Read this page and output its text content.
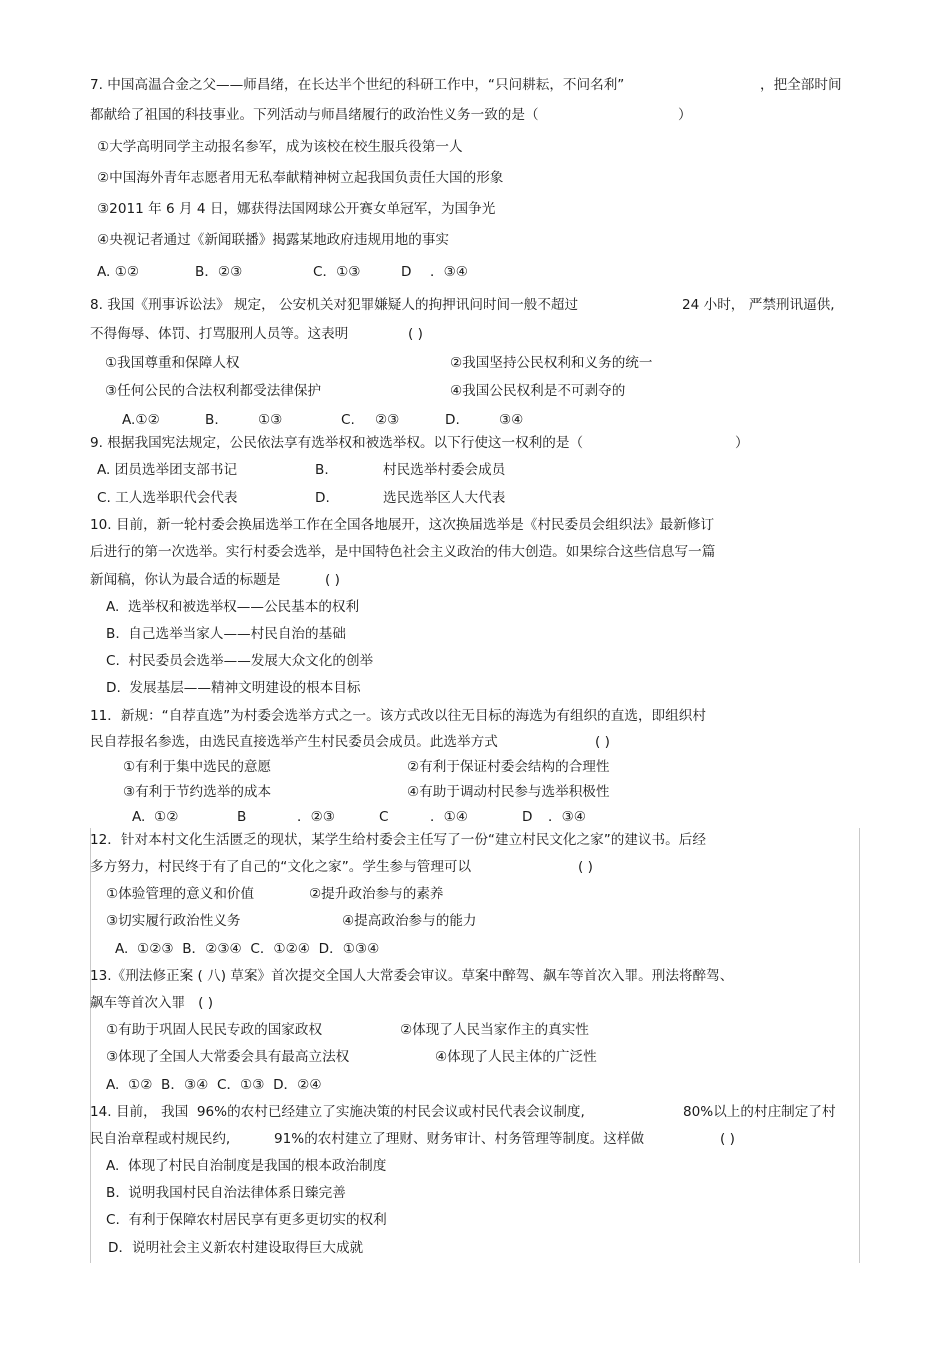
7. 中国高温合金之父——师昌绪，在长达半个世纪的科研工作中，“只问耕耘，不问名利”	，把全部时间
都献给了祖国的科技事业。下列活动与师昌绪履行的政治性义务一致的是（	）
①大学高明同学主动报名参军，成为该校在校生服兵役第一人
②中国海外青年志愿者用无私奉献精神树立起我国负责任大国的形象
③2011 年 6 月 4 日，娜获得法国网球公开赛女单冠军，为国争光
④央视记者通过《新闻联播》揭露某地政府违规用地的事实
A. ①②	B．②③	C．①③	D ．③④
8. 我国《刑事诉讼法》 规定， 公安机关对犯罪嫌疑人的拘押讯问时间一般不超过	24 小时， 严禁刑讯逼供,
不得侮辱、体罚、打骂服刑人员等。这表明	( )
①我国尊重和保障人权	②我国坚持公民权利和义务的统一
③任何公民的合法权利都受法律保护	④我国公民权利是不可剥夺的
A.①②	B.	①③	C. ②③	D.	③④
9. 根据我国宪法规定，公民依法享有选举权和被选举权。以下行使这一权利的是（	）
A. 团员选举团支部书记	B.	村民选举村委会成员
C. 工人选举职代会代表	D.	选民选举区人大代表
10. 目前，新一轮村委会换届选举工作在全国各地展开，这次换届选举是《村民委员会组织法》最新修订
后进行的第一次选举。实行村委会选举，是中国特色社会主义政治的伟大创造。如果综合这些信息写一篇
新闻稿，你认为最合适的标题是	( )
A.  选举权和被选举权——公民基本的权利
B.  自己选举当家人——村民自治的基础
C.  村民委员会选举——发展大众文化的创举
D.  发展基层——精神文明建设的根本目标
11．新规：“自荐直选”为村委会选举方式之一。该方式改以往无目标的海选为有组织的直选，即组织村
民自荐报名参选，由选民直接选举产生村民委员会成员。此选举方式	( )
①有利于集中选民的意愿	②有利于保证村委会结构的合理性
③有利于节约选举的成本	④有助于调动村民参与选举积极性
A.  ①②	B	．②③	C	．①④	D ．③④
12．针对本村文化生活匮乏的现状，某学生给村委会主任写了一份“建立村民文化之家”的建议书。后经
多方努力，村民终于有了自己的“文化之家”。学生参与管理可以	( )
①体验管理的意义和价值	②提升政治参与的素养
③切实履行政治性义务	④提高政治参与的能力
A.  ①②③  B．②③④  C．①②④  D．①③④
13.《刑法修正案 ( 八) 草案》首次提交全国人大常委会审议。草案中醉驾、飙车等首次入罪。刑法将醉驾、
飙车等首次入罪   ( )
①有助于巩固人民民专政的国家政权	②体现了人民当家作主的真实性
③体现了全国人大常委会具有最高立法权	④体现了人民主体的广泛性
A.  ①②  B．③④  C．①③  D．②④
14. 目前， 我国  96%的农村已经建立了实施决策的村民会议或村民代表会议制度,	80%以上的村庄制定了村
民自治章程或村规民约,	91%的农村建立了理财、财务审计、村务管理等制度。这样做	( )
A.  体现了村民自治制度是我国的根本政治制度
B.  说明我国村民自治法律体系日臻完善
C.  有利于保障农村居民享有更多更切实的权利
D．说明社会主义新农村建设取得巨大成就
